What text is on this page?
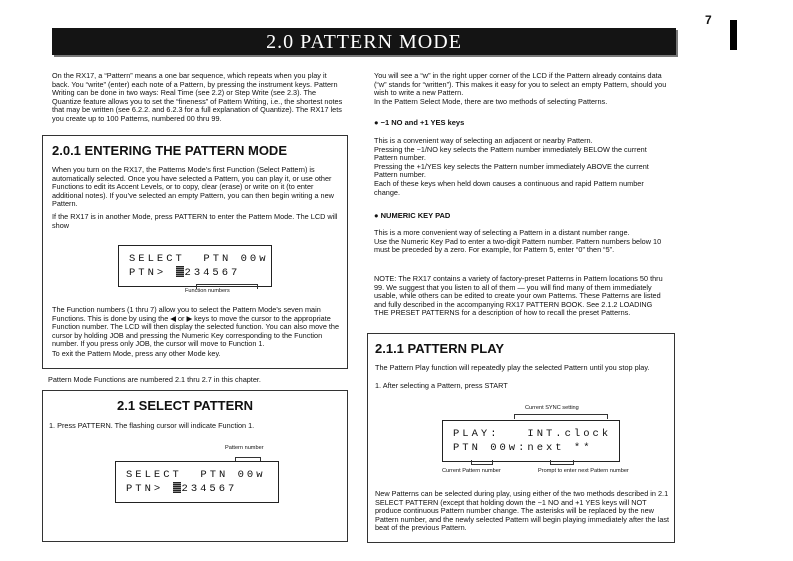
7
2.0 PATTERN MODE

On the RX17, a “Pattern” means a one bar sequence, which repeats when you play it back. You “write” (enter) each note of a Pattern, by pressing the instrument keys. Pattern Writing can be done in two ways: Real Time (see 2.2) or Step Write (see 2.3). The Quantize feature allows you to set the “fineness” of Pattern Writing, i.e., the shortest notes that may be written (see 6.2.2. and 6.2.3 for a full explanation of Quantize). The RX17 lets you create up to 100 Patterns, numbered 00 thru 99.

2.0.1 ENTERING THE PATTERN MODE

When you turn on the RX17, the Patterns Mode’s first Function (Select Pattern) is automatically selected. Once you have selected a Pattern, you can play it, or use other Functions to edit its Accent Levels, or to copy, clear (erase) or write on it (to enter additional notes). If you’ve selected an empty Pattern, you can then begin writing a new Pattern.

If the RX17 is in another Mode, press PATTERN to enter the Pattern Mode. The LCD will show

SELECT  PTN 00w
PTN> 234567
Function numbers

The Function numbers (1 thru 7) allow you to select the Pattern Mode’s seven main Functions. This is done by using the ◀ or ▶ keys to move the cursor to the appropriate Function number. The LCD will then display the selected function. You can also move the cursor by holding JOB and pressing the Numeric Key corresponding to the Function number. If you press only JOB, the cursor will move to Function 1.

To exit the Pattern Mode, press any other Mode key.

Pattern Mode Functions are numbered 2.1 thru 2.7 in this chapter.

2.1 SELECT PATTERN

1. Press PATTERN. The flashing cursor will indicate Function 1.

Pattern number
SELECT  PTN 00w
PTN> 234567

You will see a “w” in the right upper corner of the LCD if the Pattern already contains data (“w” stands for “written”). This makes it easy for you to select an empty Pattern, should you wish to write a new Pattern.

In the Pattern Select Mode, there are two methods of selecting Patterns.

● −1 NO and +1 YES keys

This is a convenient way of selecting an adjacent or nearby Pattern.
Pressing the −1/NO key selects the Pattern number immediately BELOW the current Pattern number.
Pressing the +1/YES key selects the Pattern number immediately ABOVE the current Pattern number.
Each of these keys when held down causes a continuous and rapid Pattern number change.

● NUMERIC KEY PAD

This is a more convenient way of selecting a Pattern in a distant number range.
Use the Numeric Key Pad to enter a two-digit Pattern number. Pattern numbers below 10 must be preceded by a zero. For example, for Pattern 5, enter “0” then “5”.

NOTE: The RX17 contains a variety of factory-preset Patterns in Pattern locations 50 thru 99. We suggest that you listen to all of them — you will find many of them immediately usable, while others can be edited to create your own Patterns. These Patterns are listed and fully described in the accompanying RX17 PATTERN BOOK. See 2.1.2 LOADING THE PRESET PATTERNS for a description of how to recall the preset Patterns.

2.1.1 PATTERN PLAY

The Pattern Play function will repeatedly play the selected Pattern until you stop play.

1. After selecting a Pattern, press START

Current SYNC setting
PLAY:   INT.clock
PTN 00w:next **
Current Pattern number	Prompt to enter next Pattern number

New Patterns can be selected during play, using either of the two methods described in 2.1 SELECT PATTERN (except that holding down the −1 NO and +1 YES keys will NOT produce continuous Pattern number change. The asterisks will be replaced by the new Pattern number, and the newly selected Pattern will begin playing immediately after the last beat of the previous Pattern.
